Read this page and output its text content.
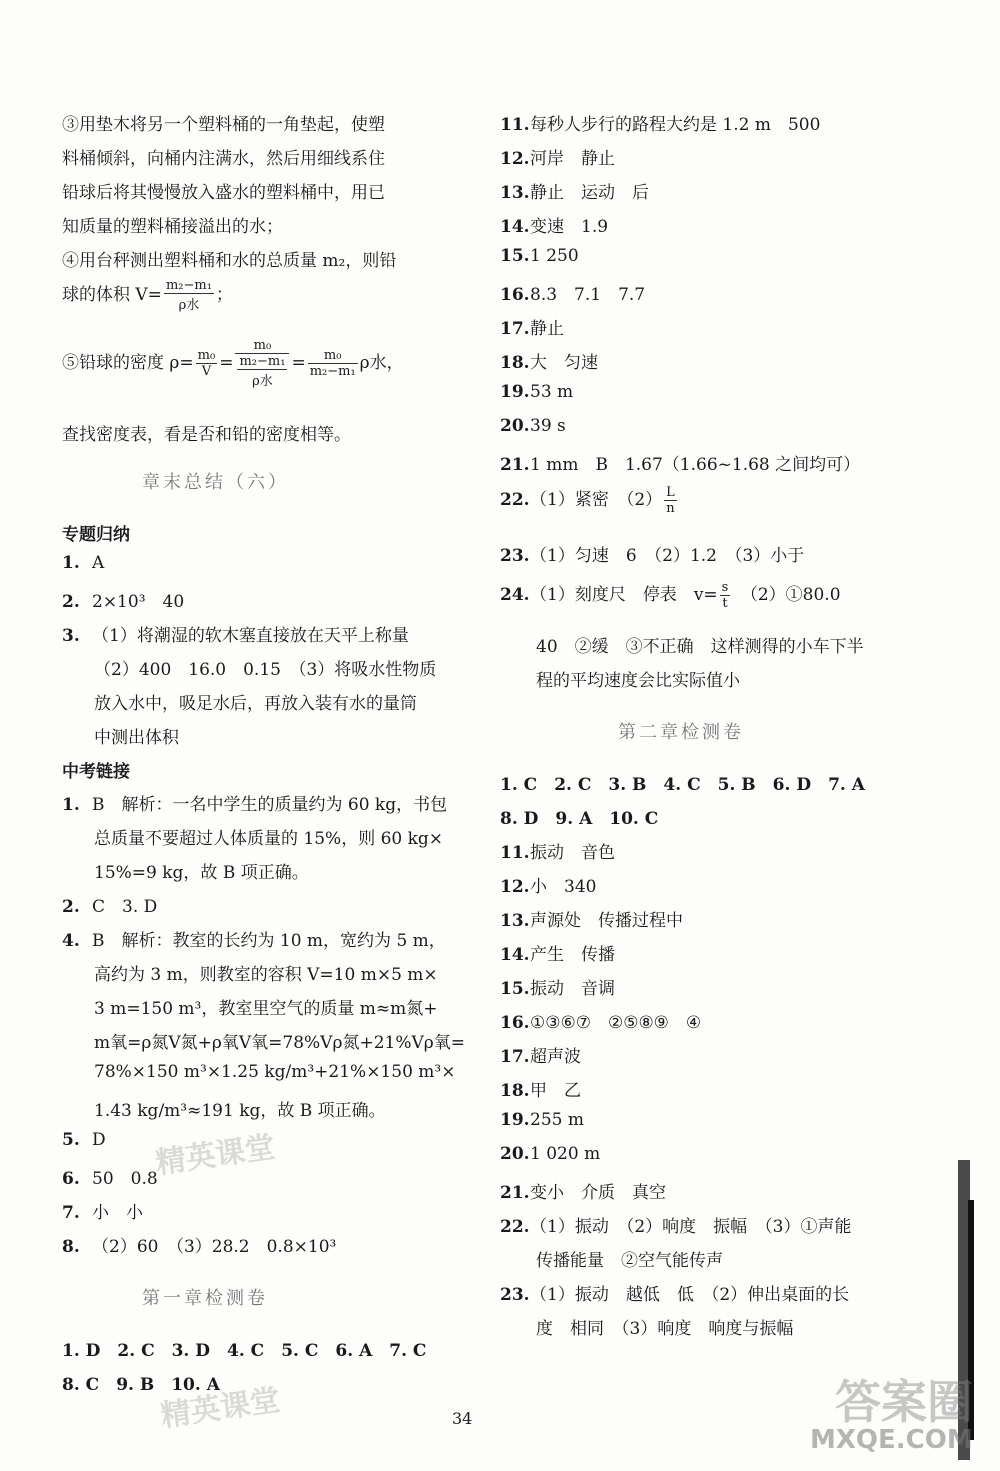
③用垫木将另一个塑料桶的一角垫起，使塑
料桶倾斜，向桶内注满水，然后用细线系住
铅球后将其慢慢放入盛水的塑料桶中，用已
知质量的塑料桶接溢出的水；
④用台秤测出塑料桶和水的总质量 m₂，则铅
球的体积 $V= \frac{\text{m₂−m₁}}{\text{ρ水}}$ ；
⑤铅球的密度 $\rho= \frac{\text{m₀}}{V} = \frac{\text{m₀}}{\frac{\text{m₂−m₁}}{\text{ρ水}}} = \frac{\text{m₀}}{\text{m₂−m₁}}$ ρ水，
查找密度表，看是否和铅的密度相等。
章末总结（六）
专题归纳
1. A
2. 2×10³　40
3. （1）将潮湿的软木塞直接放在天平上称量
（2）400　16.0　0.15　（3）将吸水性物质
放入水中，吸足水后，再放入装有水的量筒
中测出体积
中考链接
1. B　解析：一名中学生的质量约为 60 kg，书包
总质量不要超过人体质量的 15%，则 60 kg×
15%=9 kg，故 B 项正确。
2. C　3. D
4. B　解析：教室的长约为 10 m，宽约为 5 m，
高约为 3 m，则教室的容积 V=10 m×5 m×
3 m=150 m³，教室里空气的质量 m≈m氮+
m氧=ρ氮V氮+ρ氧V氧=78%Vρ氮+21%Vρ氧=
78%×150 m³×1.25 kg/m³+21%×150 m³×
1.43 kg/m³≈191 kg，故 B 项正确。
5. D
6. 50　0.8
7. 小　小
8. （2）60　（3）28.2　0.8×10³
第一章检测卷
1. D　2. C　3. D　4. C　5. C　6. A　7. C
8. C　9. B　10. A
11.每秒人步行的路程大约是 1.2 m　500
12.河岸　静止
13.静止　运动　后
14.变速　1.9
15.1 250
16.8.3　7.1　7.7
17.静止
18.大　匀速
19.53 m
20.39 s
21.1 mm　B　1.67（1.66~1.68 之间均可）
22.（1）紧密　$(2) \frac{L}{n}$
23.（1）匀速　6　（2）1.2　（3）小于
24.（1）刻度尺　停表　$v= \frac{s}{t}$ 　（2）①80.0
40　②缓　③不正确　这样测得的小车下半
程的平均速度会比实际值小
第二章检测卷
1. C　2. C　3. B　4. C　5. B　6. D　7. A
8. D　9. A　10. C
11.振动　音色
12.小　340
13.声源处　传播过程中
14.产生　传播
15.振动　音调
16.①③⑥⑦　②⑤⑧⑨　④
17.超声波
18.甲　乙
19.255 m
20.1 020 m
21.变小　介质　真空
22.（1）振动　（2）响度　振幅　（3）①声能
传播能量　②空气能传声
23.（1）振动　越低　低　（2）伸出桌面的长
度　相同　（3）响度　响度与振幅
34
精英课堂
精英课堂	答案圈
MXQE.COM
